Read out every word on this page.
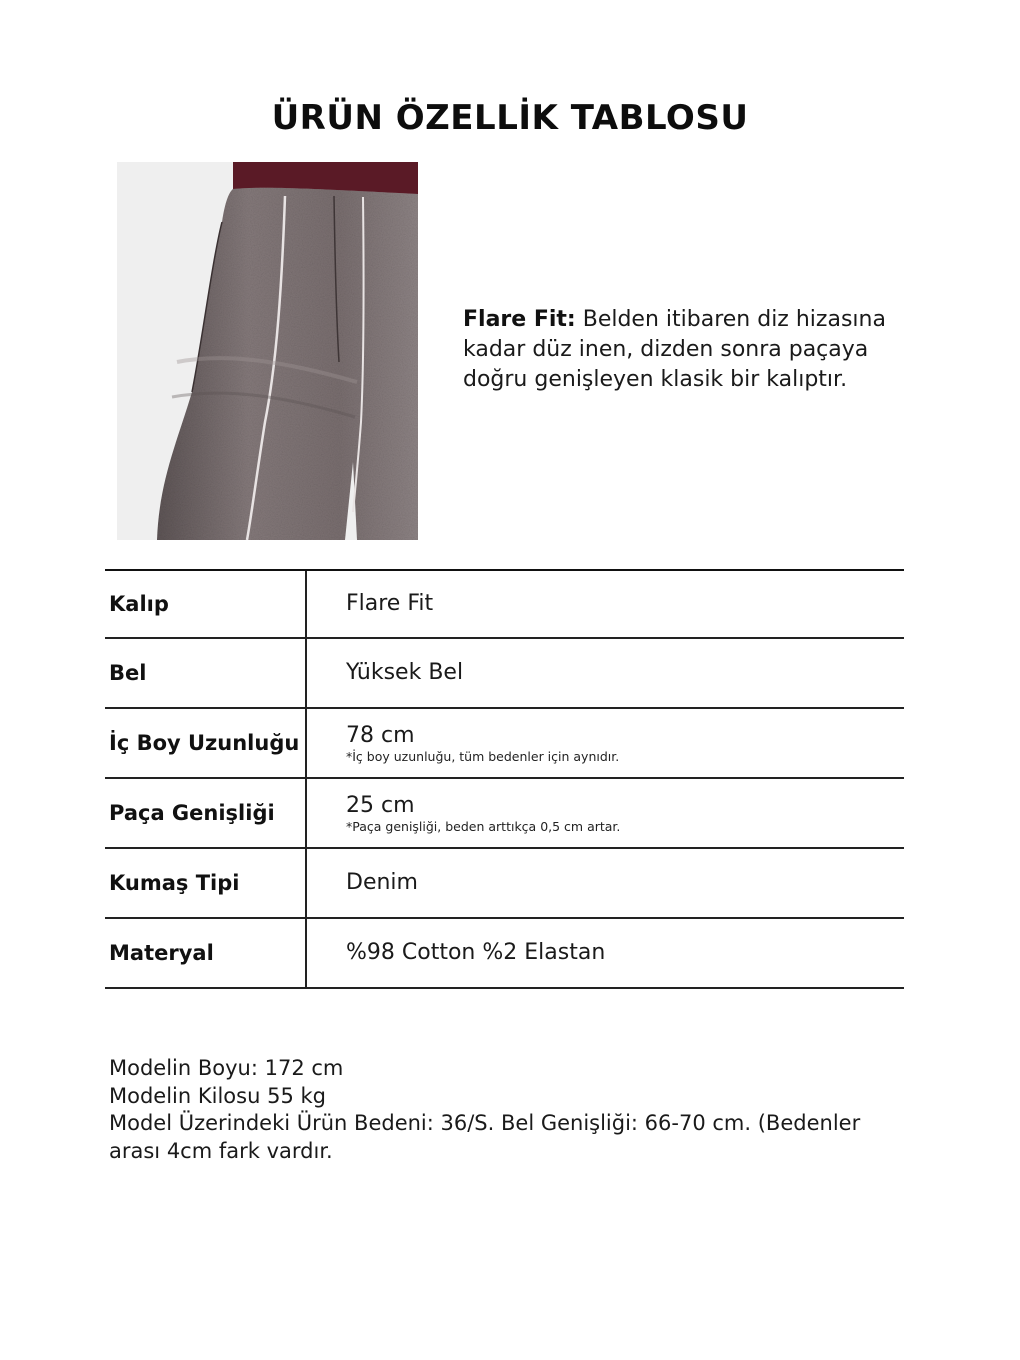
ÜRÜN ÖZELLİK TABLOSU
Flare Fit: Belden itibaren diz hizasına kadar düz inen, dizden sonra paçaya doğru genişleyen klasik bir kalıptır.
Kalıp	Flare Fit
Bel	Yüksek Bel
İç Boy Uzunluğu	78 cm
*İç boy uzunluğu, tüm bedenler için aynıdır.
Paça Genişliği	25 cm
*Paça genişliği, beden arttıkça 0,5 cm artar.
Kumaş Tipi	Denim
Materyal	%98 Cotton %2 Elastan
Modelin Boyu: 172 cm
Modelin Kilosu 55 kg
Model Üzerindeki Ürün Bedeni: 36/S. Bel Genişliği: 66-70 cm. (Bedenler arası 4cm fark vardır.
